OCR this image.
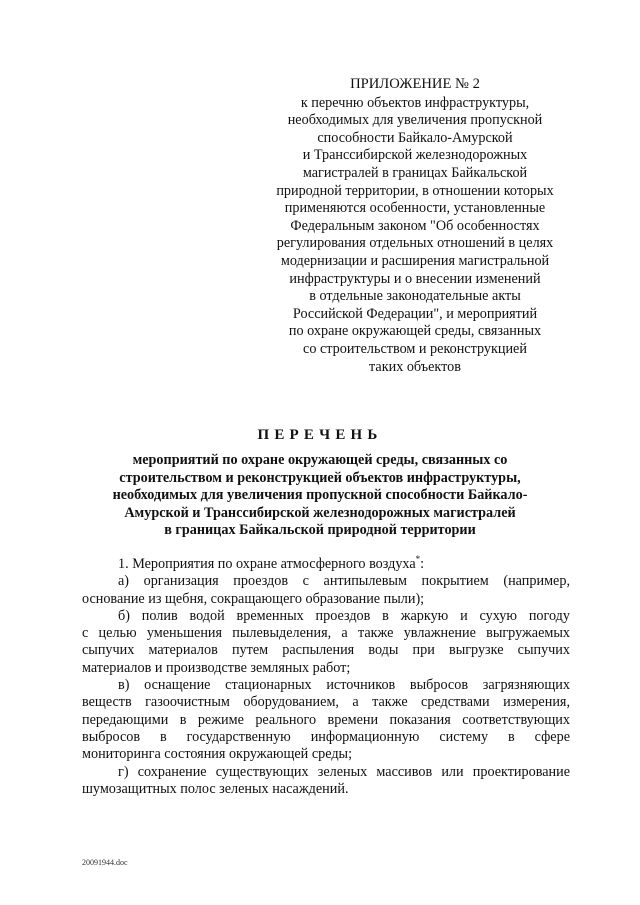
ПРИЛОЖЕНИЕ № 2
к перечню объектов инфраструктуры,
необходимых для увеличения пропускной
способности Байкало-Амурской
и Транссибирской железнодорожных
магистралей в границах Байкальской
природной территории, в отношении которых
применяются особенности, установленные
Федеральным законом "Об особенностях
регулирования отдельных отношений в целях
модернизации и расширения магистральной
инфраструктуры и о внесении изменений
в отдельные законодательные акты
Российской Федерации", и мероприятий
по охране окружающей среды, связанных
со строительством и реконструкцией
таких объектов
ПЕРЕЧЕНЬ
мероприятий по охране окружающей среды, связанных со
строительством и реконструкцией объектов инфраструктуры,
необходимых для увеличения пропускной способности Байкало-
Амурской и Транссибирской железнодорожных магистралей
в границах Байкальской природной территории
1. Мероприятия по охране атмосферного воздуха*:
а) организация проездов с антипылевым покрытием (например,
основание из щебня, сокращающего образование пыли);
б) полив водой временных проездов в жаркую и сухую погоду
с целью уменьшения пылевыделения, а также увлажнение выгружаемых
сыпучих материалов путем распыления воды при выгрузке сыпучих
материалов и производстве земляных работ;
в) оснащение стационарных источников выбросов загрязняющих
веществ газоочистным оборудованием, а также средствами измерения,
передающими в режиме реального времени показания соответствующих
выбросов в государственную информационную систему в сфере
мониторинга состояния окружающей среды;
г) сохранение существующих зеленых массивов или проектирование
шумозащитных полос зеленых насаждений.
20091944.doc
